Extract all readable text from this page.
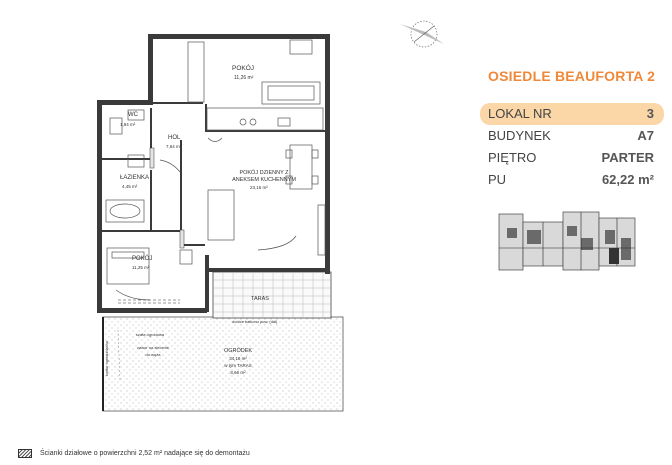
POKÓJ
11,26 m²
WC
1,94 m²
HOL
7,64 m²
ŁAZIENKA
4,45 m²
POKÓJ DZIENNY Z
ANEKSEM KUCHENNYM
23,16 m²
POKÓJ
11,25 m²
TARAS
OGRÓDEK
34,18 m²
w tym TARAS
8,66 m²
szafa ogrodowa
zawór na zlecenie
do węża
donice balkonu pow. (dół)
kontur ogrodu/dachu
OSIEDLE BEAUFORTA 2
LOKAL NR	3
BUDYNEK	A7
PIĘTRO	PARTER
PU	62,22 m²
Ścianki działowe o powierzchni 2,52 m² nadające się do demontażu
